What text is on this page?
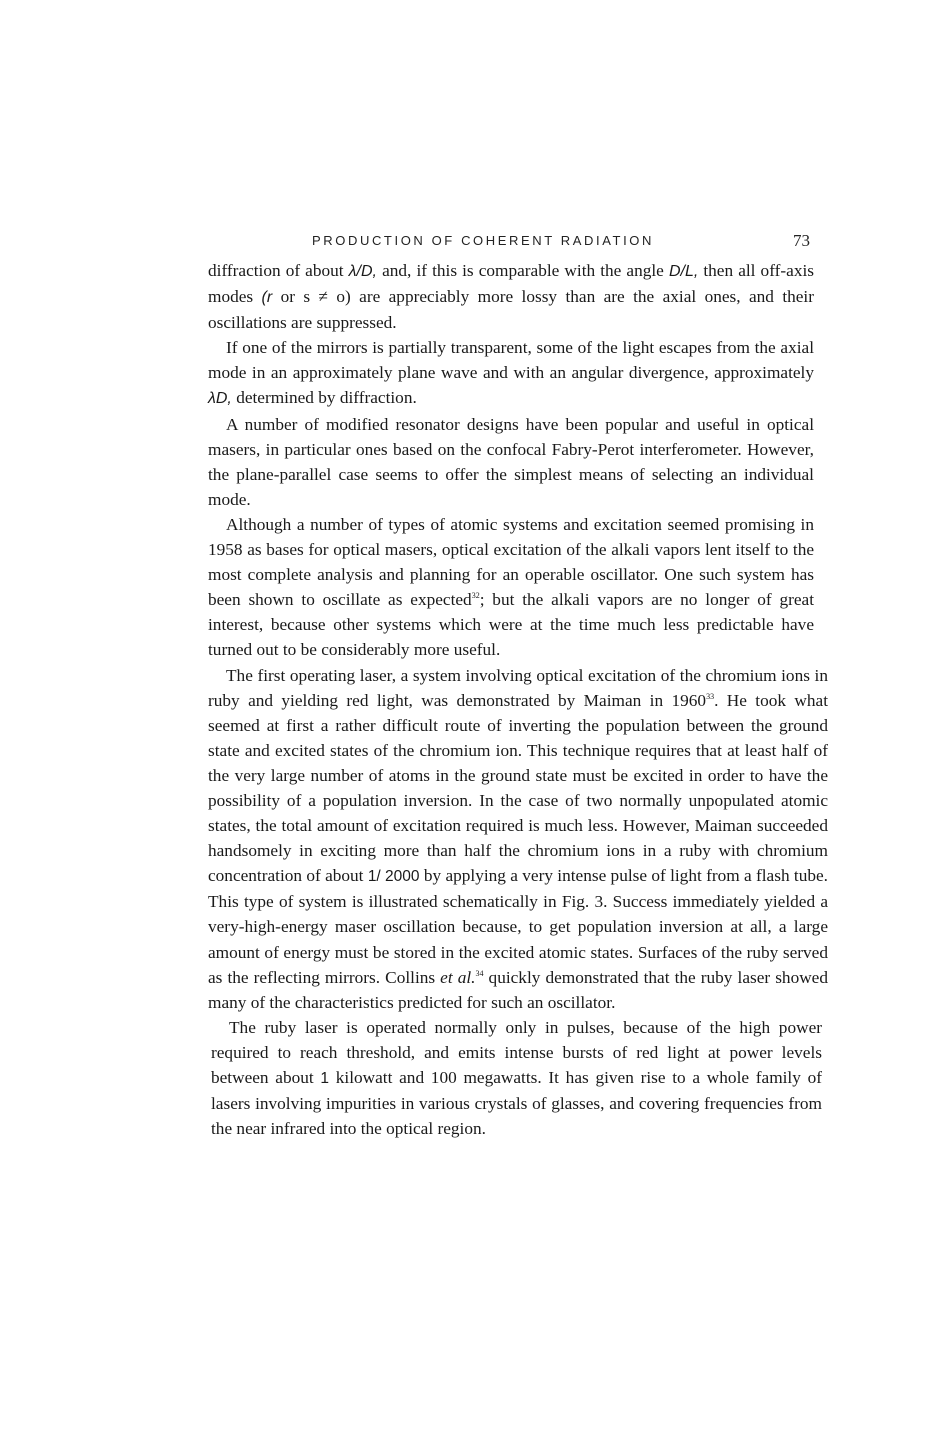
PRODUCTION OF COHERENT RADIATION	73

diffraction of about λ/D, and, if this is comparable with the angle D/L, then all off-axis modes (r or s ≠ o) are appreciably more lossy than are the axial ones, and their oscillations are suppressed.

If one of the mirrors is partially transparent, some of the light escapes from the axial mode in an approximately plane wave and with an angular divergence, approximately λD, determined by diffraction.

A number of modified resonator designs have been popular and useful in optical masers, in particular ones based on the confocal Fabry-Perot interferometer. However, the plane-parallel case seems to offer the simplest means of selecting an individual mode.

Although a number of types of atomic systems and excitation seemed promising in 1958 as bases for optical masers, optical excitation of the alkali vapors lent itself to the most complete analysis and planning for an operable oscillator. One such system has been shown to oscillate as expected$^{32}$; but the alkali vapors are no longer of great interest, because other systems which were at the time much less predictable have turned out to be considerably more useful.

The first operating laser, a system involving optical excitation of the chromium ions in ruby and yielding red light, was demonstrated by Maiman in 1960$^{33}$. He took what seemed at first a rather difficult route of inverting the population between the ground state and excited states of the chromium ion. This technique requires that at least half of the very large number of atoms in the ground state must be excited in order to have the possibility of a population inversion. In the case of two normally unpopulated atomic states, the total amount of excitation required is much less. However, Maiman succeeded handsomely in exciting more than half the chromium ions in a ruby with chromium concentration of about 1/ 2000 by applying a very intense pulse of light from a flash tube. This type of system is illustrated schematically in Fig. 3. Success immediately yielded a very-high-energy maser oscillation because, to get population inversion at all, a large amount of energy must be stored in the excited atomic states. Surfaces of the ruby served as the reflecting mirrors. Collins et al.$^{34}$ quickly demonstrated that the ruby laser showed many of the characteristics predicted for such an oscillator.

The ruby laser is operated normally only in pulses, because of the high power required to reach threshold, and emits intense bursts of red light at power levels between about 1 kilowatt and 100 megawatts. It has given rise to a whole family of lasers involving impurities in various crystals of glasses, and covering frequencies from the near infrared into the optical region.
